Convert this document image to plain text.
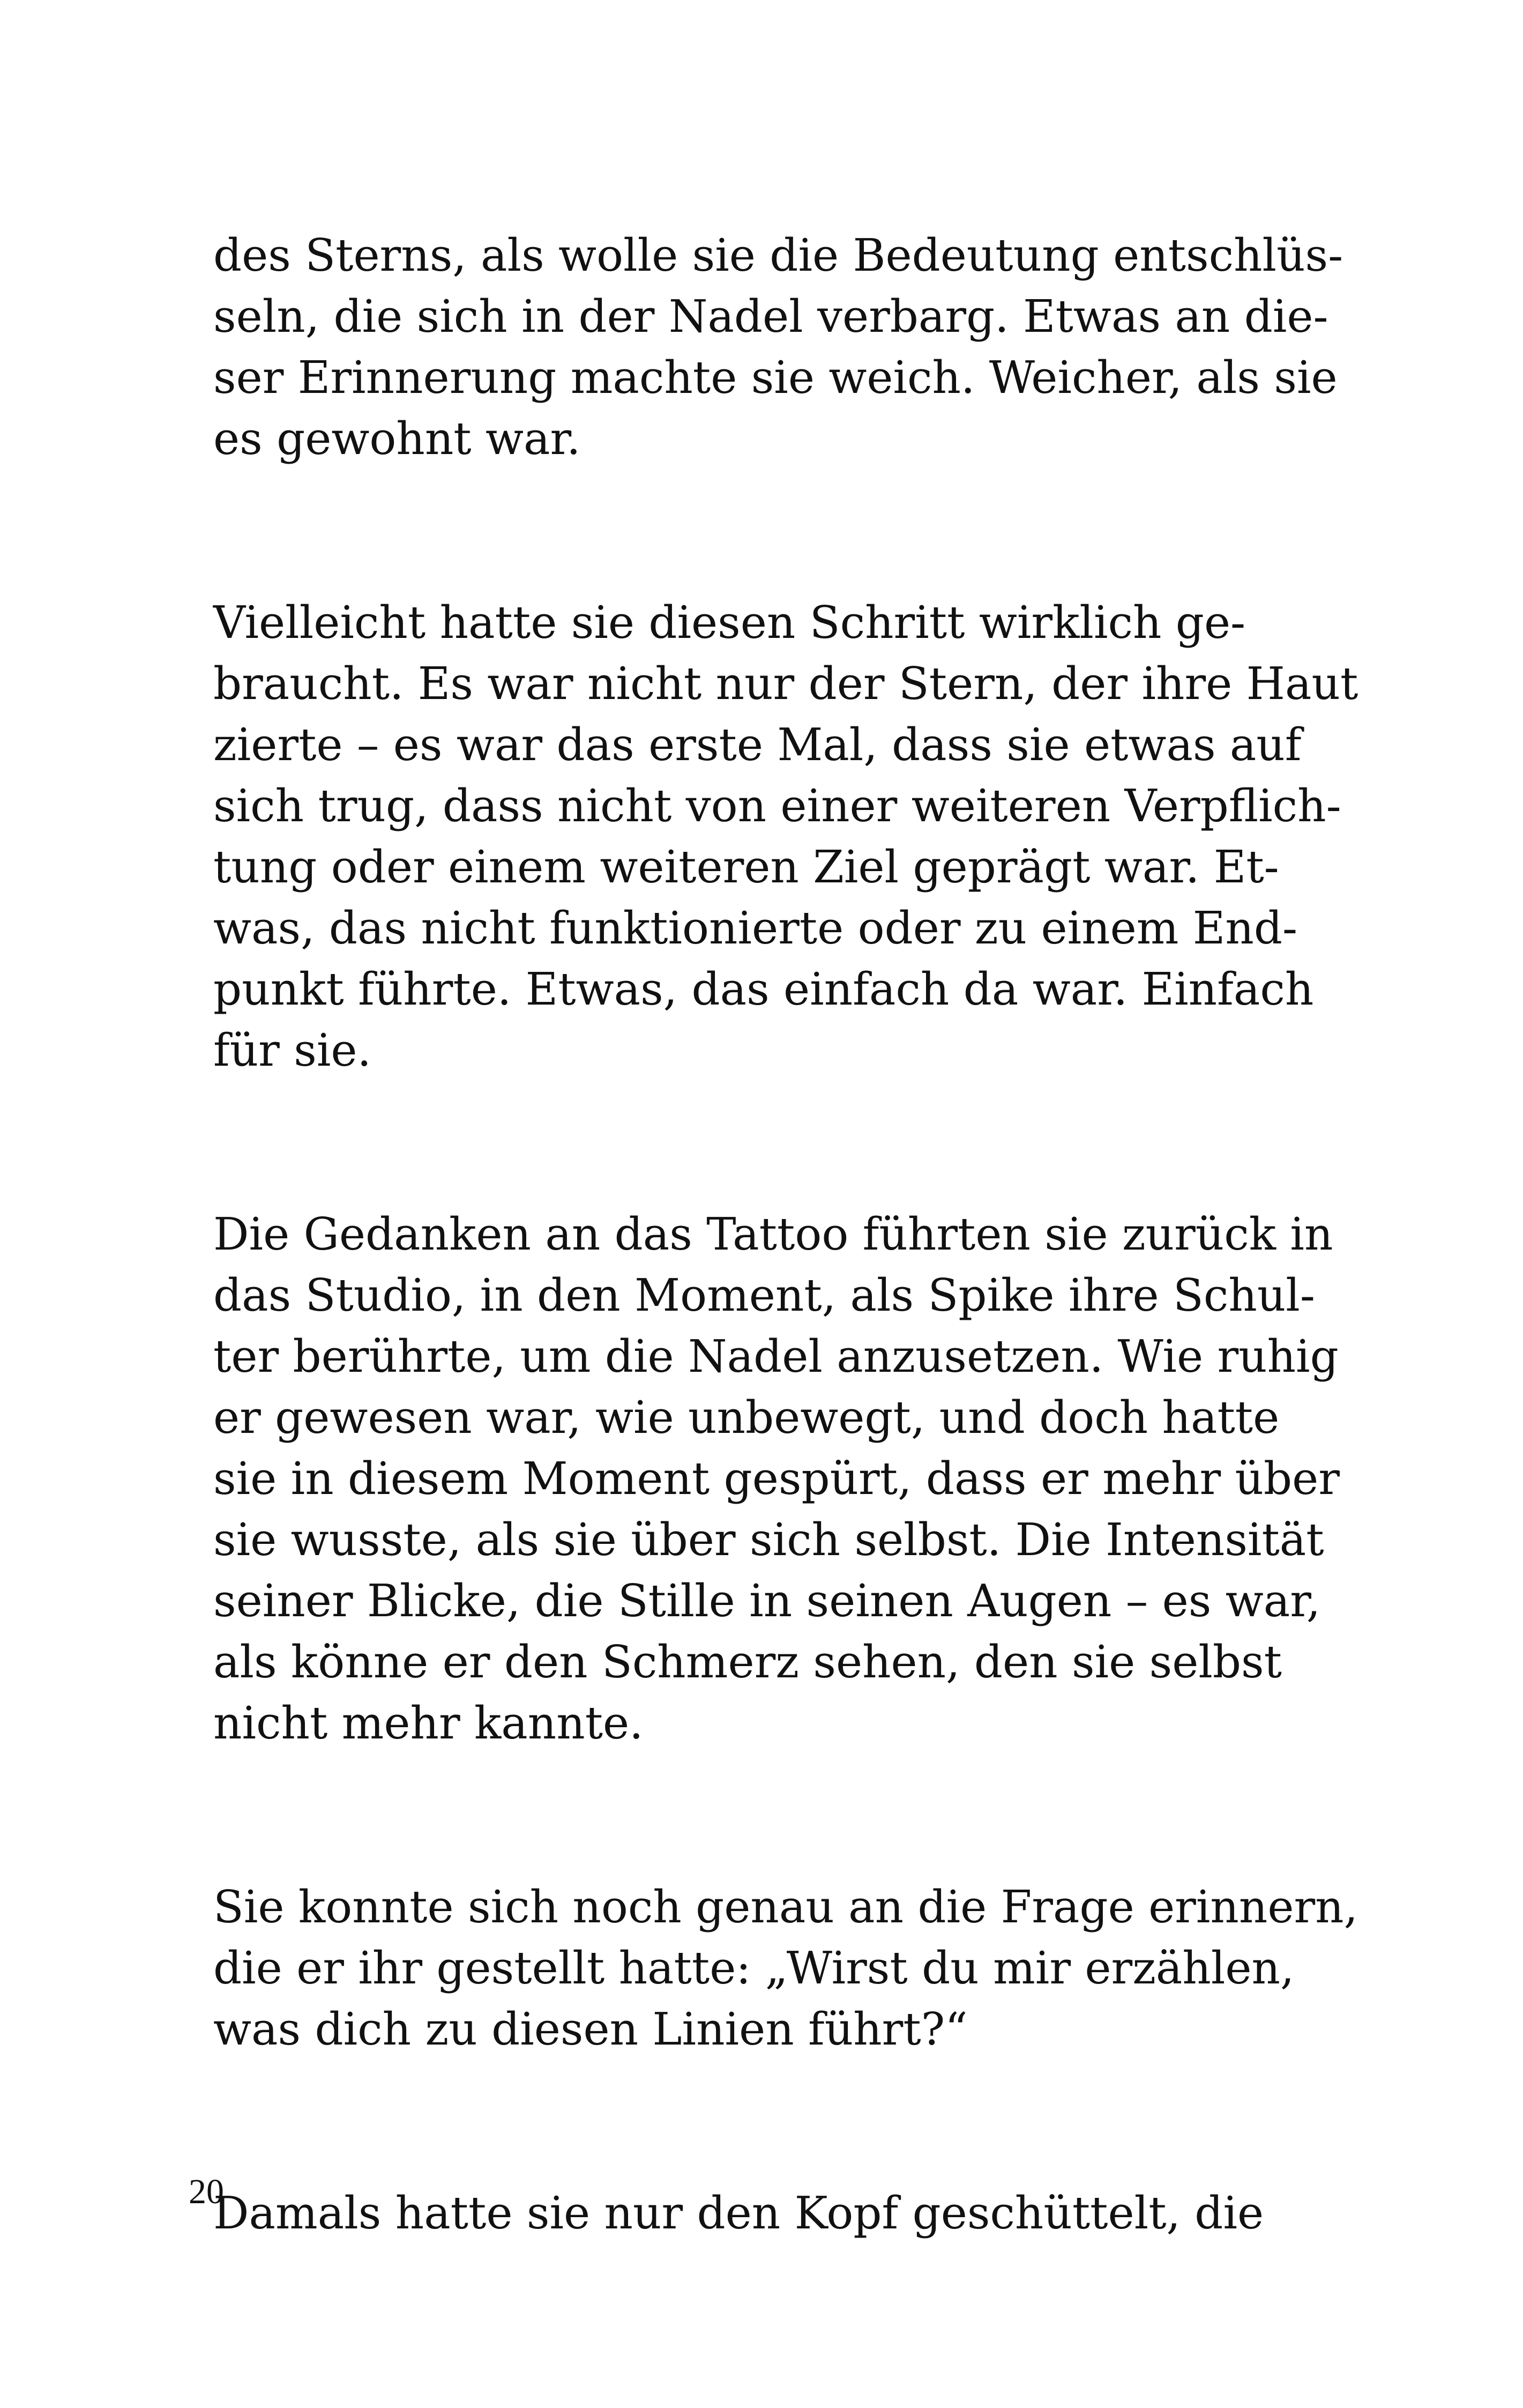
des Sterns, als wolle sie die Bedeutung entschlüs-
seln, die sich in der Nadel verbarg. Etwas an die-
ser Erinnerung machte sie weich. Weicher, als sie
es gewohnt war.

Vielleicht hatte sie diesen Schritt wirklich ge-
braucht. Es war nicht nur der Stern, der ihre Haut
zierte – es war das erste Mal, dass sie etwas auf
sich trug, dass nicht von einer weiteren Verpflich-
tung oder einem weiteren Ziel geprägt war. Et-
was, das nicht funktionierte oder zu einem End-
punkt führte. Etwas, das einfach da war. Einfach
für sie.

Die Gedanken an das Tattoo führten sie zurück in
das Studio, in den Moment, als Spike ihre Schul-
ter berührte, um die Nadel anzusetzen. Wie ruhig
er gewesen war, wie unbewegt, und doch hatte
sie in diesem Moment gespürt, dass er mehr über
sie wusste, als sie über sich selbst. Die Intensität
seiner Blicke, die Stille in seinen Augen – es war,
als könne er den Schmerz sehen, den sie selbst
nicht mehr kannte.

Sie konnte sich noch genau an die Frage erinnern,
die er ihr gestellt hatte: „Wirst du mir erzählen,
was dich zu diesen Linien führt?“

Damals hatte sie nur den Kopf geschüttelt, die

20
